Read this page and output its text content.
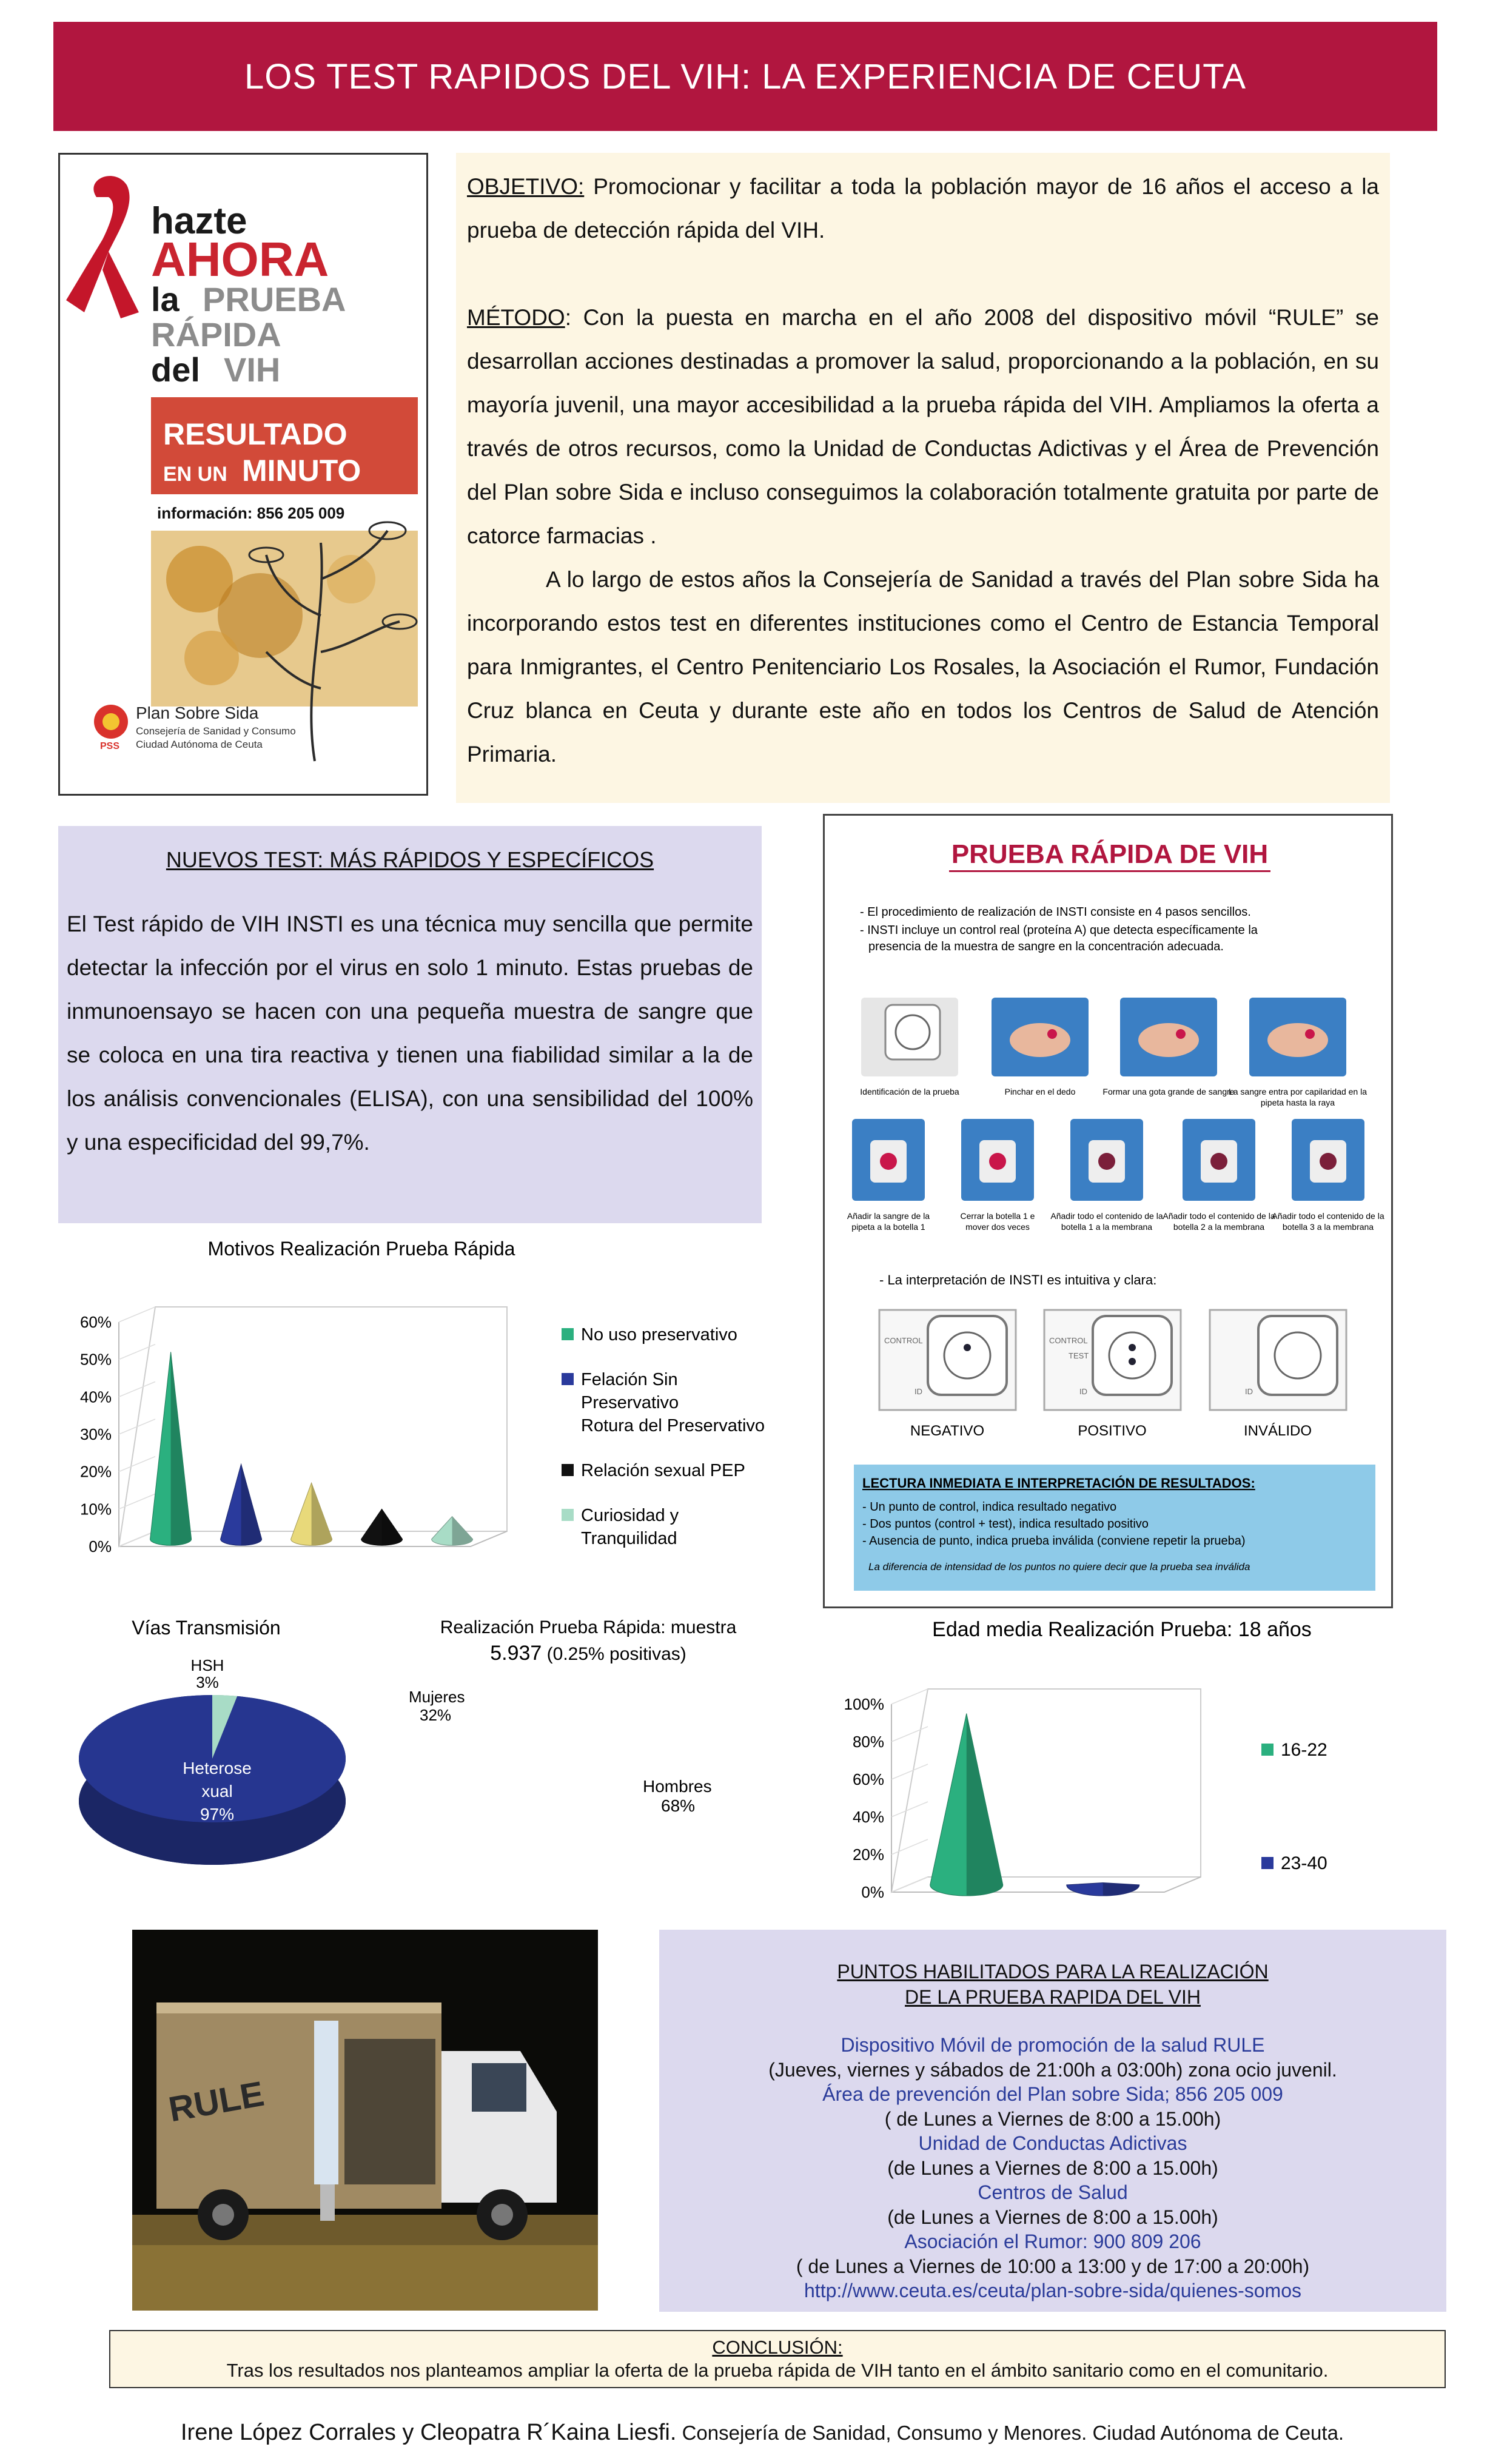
LOS TEST RAPIDOS DEL VIH: LA EXPERIENCIA DE CEUTA
hazte
AHORA
la PRUEBA
RÁPIDA
del VIH
RESULTADO
EN UN MINUTO
información: 856 205 009
PSS
Plan Sobre Sida
Consejería de Sanidad y Consumo
Ciudad Autónoma de Ceuta

OBJETIVO: Promocionar y facilitar a toda la población mayor de 16 años el acceso a la prueba de detección rápida del VIH.

MÉTODO: Con la puesta en marcha en el año 2008 del dispositivo móvil “RULE” se desarrollan acciones destinadas a promover la salud, proporcionando a la población, en su mayoría juvenil, una mayor accesibilidad a la prueba rápida del VIH. Ampliamos la oferta a través de otros recursos, como la Unidad de Conductas Adictivas y el Área de Prevención del Plan sobre Sida e incluso conseguimos la colaboración totalmente gratuita por parte de catorce farmacias .

A lo largo de estos años la Consejería de Sanidad a través del Plan sobre Sida ha incorporando estos test en diferentes instituciones como el Centro de Estancia Temporal para Inmigrantes, el Centro Penitenciario Los Rosales, la Asociación el Rumor, Fundación Cruz blanca en Ceuta y durante este año en todos los Centros de Salud de Atención Primaria.

NUEVOS TEST: MÁS RÁPIDOS Y ESPECÍFICOS
El Test rápido de VIH INSTI es una técnica muy sencilla que permite detectar la infección por el virus en solo 1 minuto. Estas pruebas de inmunoensayo se hacen con una pequeña muestra de sangre que se coloca en una tira reactiva y tienen una fiabilidad similar a la de los análisis convencionales (ELISA), con una sensibilidad del 100% y una especificidad del 99,7%.
Motivos Realización Prueba Rápida
0%
10%
20%
30%
40%
50%
60%
No uso preservativo
Felación Sin
Preservativo
Rotura del Preservativo
Relación sexual PEP
Curiosidad y
Tranquilidad
Vías Transmisión
HSH
3%
Heterose
xual
97%
Realización Prueba Rápida: muestra
5.937 (0.25% positivas)
Mujeres
32%
Hombres
68%
Edad media Realización Prueba: 18 años
0%
20%
40%
60%
80%
100%
16-22
23-40
PRUEBA RÁPIDA DE VIH
- El procedimiento de realización de INSTI consiste en 4 pasos sencillos.
- INSTI incluye un control real (proteína A) que detecta específicamente la
presencia de la muestra de sangre en la concentración adecuada.
Identificación de la prueba	Pinchar en el dedo	Formar una gota grande de sangre
La sangre entra por capilaridad en la
pipeta hasta la raya
Añadir la sangre de la
pipeta a la botella 1
Cerrar la botella 1 e
mover dos veces
Añadir todo el contenido de la
botella 1 a la membrana
Añadir todo el contenido de la
botella 2 a la membrana
Añadir todo el contenido de la
botella 3 a la membrana
- La interpretación de INSTI es intuitiva y clara:
CONTROL
ID
NEGATIVO
CONTROL
TEST
ID
POSITIVO
ID
INVÁLIDO
LECTURA INMEDIATA E INTERPRETACIÓN DE RESULTADOS:
- Un punto de control, indica resultado negativo
- Dos puntos (control + test), indica resultado positivo
- Ausencia de punto, indica prueba inválida (conviene repetir la prueba)
La diferencia de intensidad de los puntos no quiere decir que la prueba sea inválida
RULE
PUNTOS HABILITADOS PARA LA REALIZACIÓN
DE LA PRUEBA RAPIDA DEL VIH
Dispositivo Móvil de promoción de la salud RULE
(Jueves, viernes y sábados de 21:00h a 03:00h) zona ocio juvenil.
Área de prevención del Plan sobre Sida; 856 205 009
( de Lunes a Viernes de 8:00 a 15.00h)
Unidad de Conductas Adictivas
(de Lunes a Viernes de 8:00 a 15.00h)
Centros de Salud
(de Lunes a Viernes de 8:00 a 15.00h)
Asociación el Rumor: 900 809 206
( de Lunes a Viernes de 10:00 a 13:00 y de 17:00 a 20:00h)
http://www.ceuta.es/ceuta/plan-sobre-sida/quienes-somos
CONCLUSIÓN:
Tras los resultados nos planteamos ampliar la oferta de la prueba rápida de VIH tanto en el ámbito sanitario como en el comunitario.
Irene López Corrales y Cleopatra R´Kaina Liesfi. Consejería de Sanidad, Consumo y Menores. Ciudad Autónoma de Ceuta.
